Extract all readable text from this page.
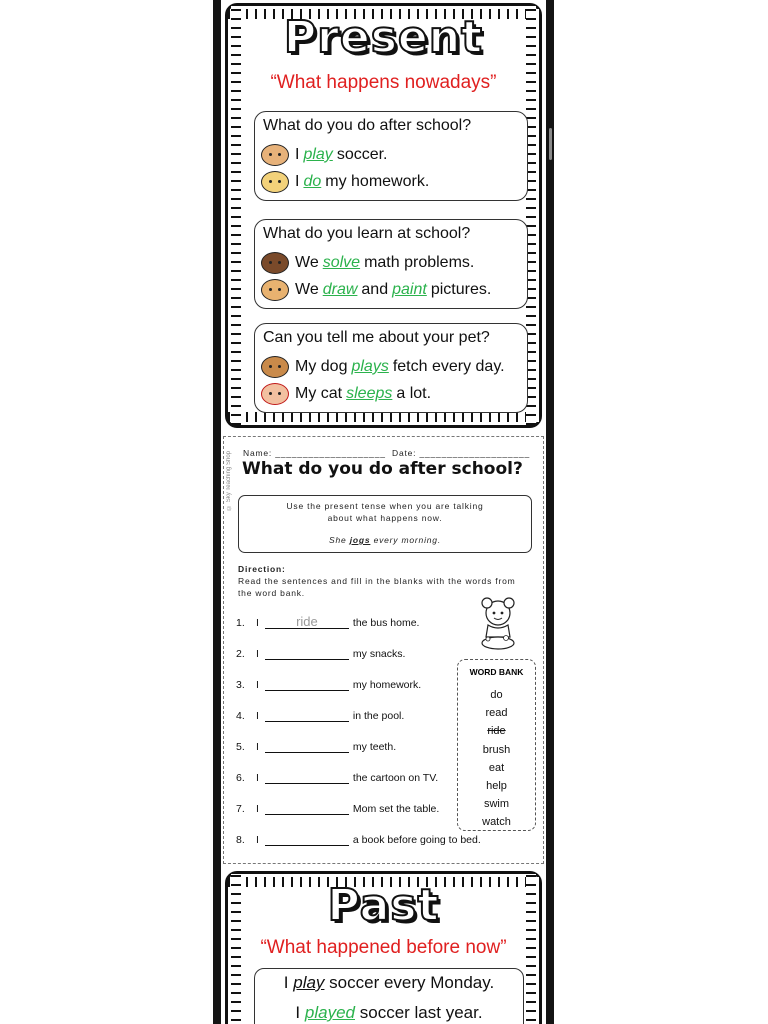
Present
“What happens nowadays”
What do you do after school?
I play soccer.
I do my homework.
What do you learn at school?
We solve math problems.
We draw and paint pictures.
Can you tell me about your pet?
My dog plays fetch every day.
My cat sleeps a lot.
© Sky Teaching Shop Name: ____________________ Date: ____________________
What do you do after school?
Use the present tense when you are talking
about what happens now.
She jogs every morning.
Direction:
Read the sentences and fill in the blanks with the words from
the word bank.
1. I	ride	the bus home.
2. I	my snacks.
3. I	my homework.
4. I	in the pool.
5. I	my teeth.
6. I	the cartoon on TV.
7. I	Mom set the table.
8. I	a book before going to bed.
WORD BANK
do
read
ride
brush
eat
help
swim
watch
Past
“What happened before now”
I play soccer every Monday.
I played soccer last year.
